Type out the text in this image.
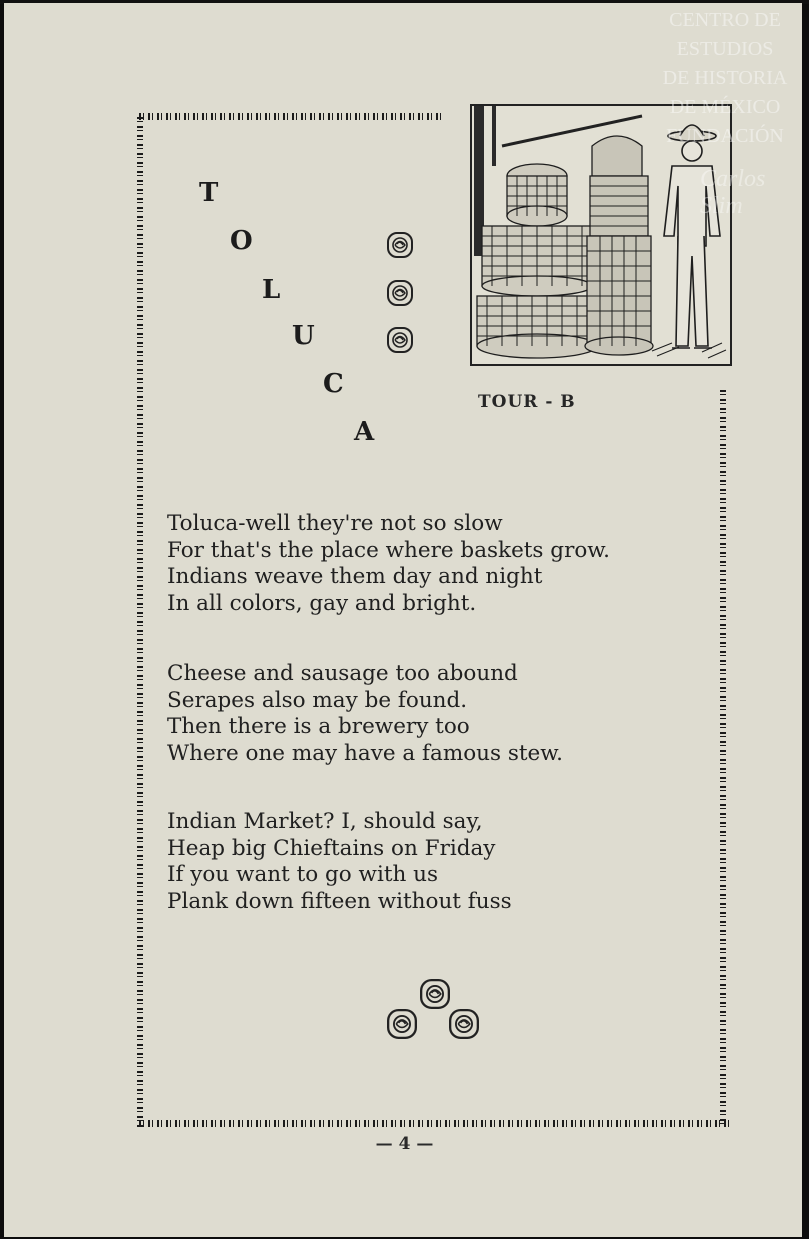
T
O
L
U
C
A
TOUR - B
Toluca-well they're not so slow
For that's the place where baskets grow.
Indians weave them day and night
In all colors, gay and bright.
Cheese and sausage too abound
Serapes also may be found.
Then there is a brewery too
Where one may have a famous stew.
Indian Market? I, should say,
Heap big Chieftains on Friday
If you want to go with us
Plank down fifteen without fuss
— 4 —
CENTRO DE
ESTUDIOS
DE HISTORIA
DE MÉXICO
FUNDACIÓN
Carlos Slim
